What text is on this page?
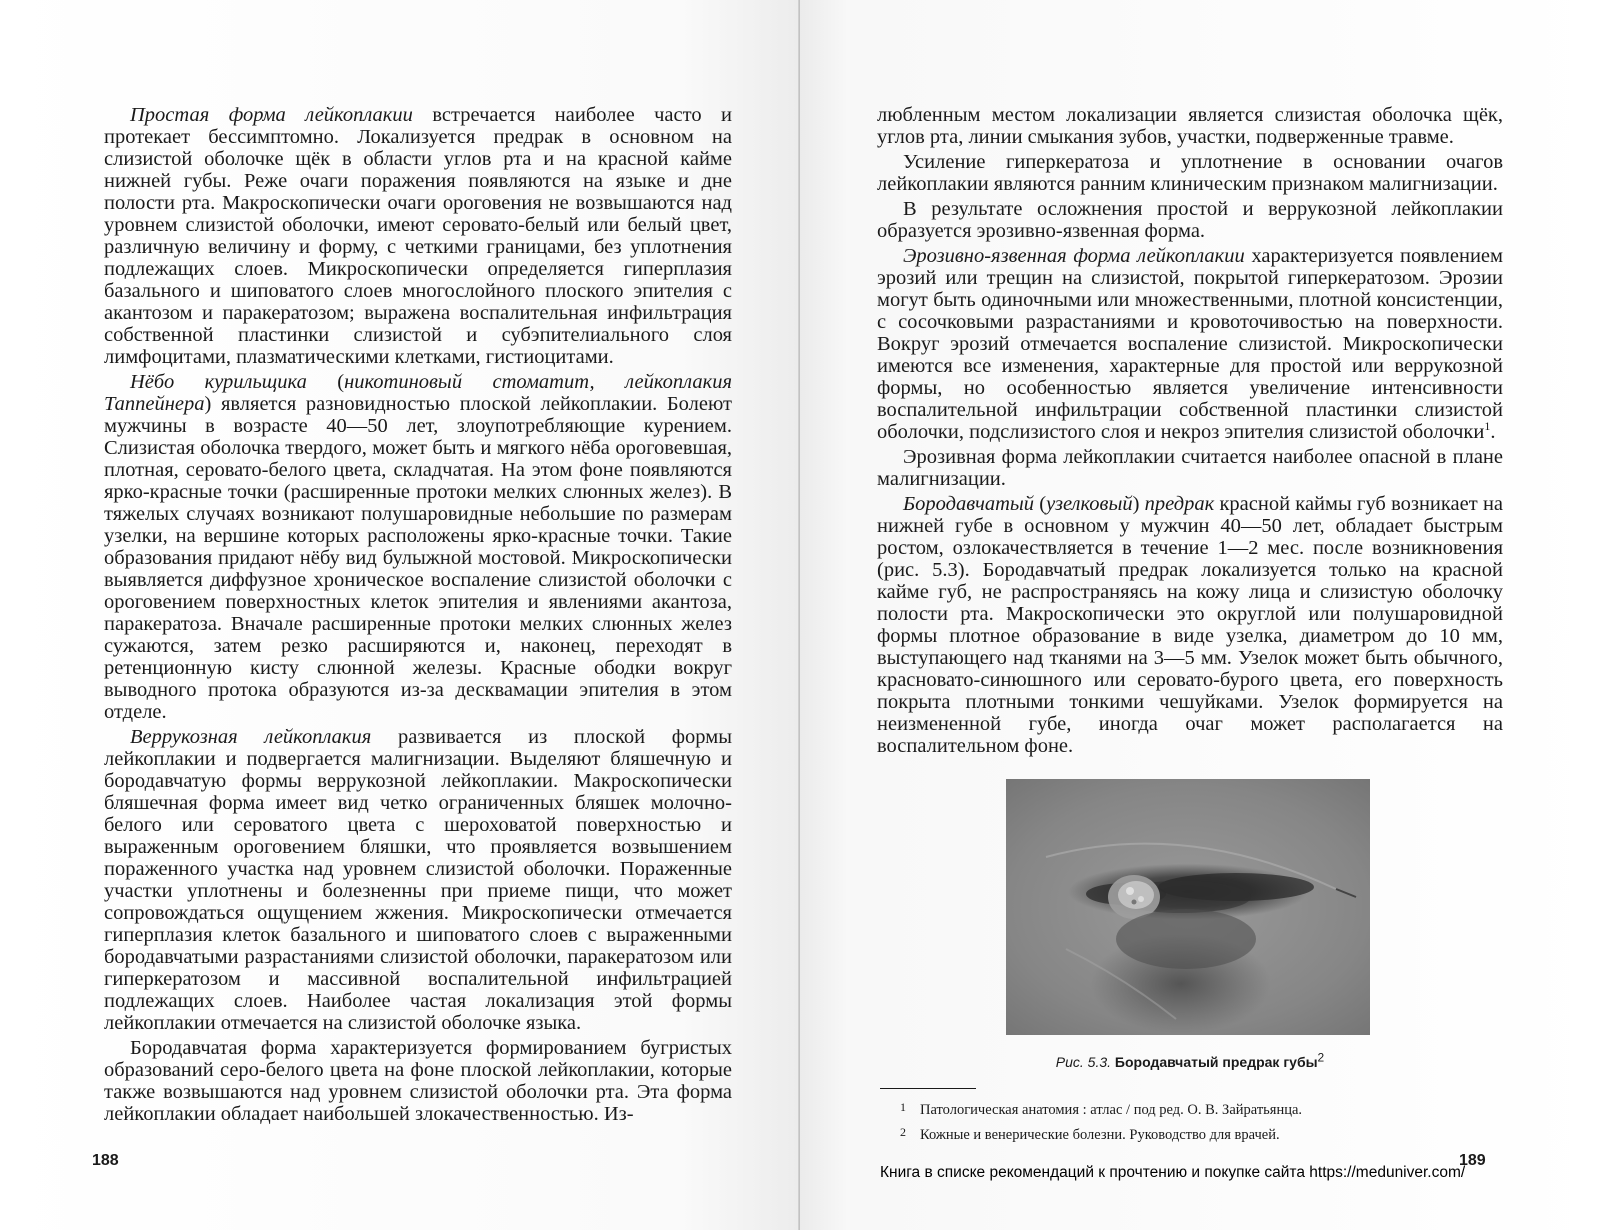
Простая форма лейкоплакии встречается наиболее часто и протекает бессимптомно. Локализуется предрак в основном на слизистой оболочке щёк в области углов рта и на красной кайме нижней губы. Реже очаги поражения появляются на языке и дне полости рта. Макроскопически очаги ороговения не возвышаются над уровнем слизистой оболочки, имеют серовато-белый или белый цвет, различную величину и форму, с четкими границами, без уплотнения подлежащих слоев. Микроскопически определяется гиперплазия базального и шиповатого слоев многослойного плоского эпителия с акантозом и паракератозом; выражена воспалительная инфильтрация собственной пластинки слизистой и субэпителиального слоя лимфоцитами, плазматическими клетками, гистиоцитами.

Нёбо курильщика (никотиновый стоматит, лейкоплакия Таппейнера) является разновидностью плоской лейкоплакии. Болеют мужчины в возрасте 40—50 лет, злоупотребляющие курением. Слизистая оболочка твердого, может быть и мягкого нёба ороговевшая, плотная, серовато-белого цвета, складчатая. На этом фоне появляются ярко-красные точки (расширенные протоки мелких слюнных желез). В тяжелых случаях возникают полушаровидные небольшие по размерам узелки, на вершине которых расположены ярко-красные точки. Такие образования придают нёбу вид булыжной мостовой. Микроскопически выявляется диффузное хроническое воспаление слизистой оболочки с ороговением поверхностных клеток эпителия и явлениями акантоза, паракератоза. Вначале расширенные протоки мелких слюнных желез сужаются, затем резко расширяются и, наконец, переходят в ретенционную кисту слюнной железы. Красные ободки вокруг выводного протока образуются из-за десквамации эпителия в этом отделе.

Веррукозная лейкоплакия развивается из плоской формы лейкоплакии и подвергается малигнизации. Выделяют бляшечную и бородавчатую формы веррукозной лейкоплакии. Макроскопически бляшечная форма имеет вид четко ограниченных бляшек молочно-белого или сероватого цвета с шероховатой поверхностью и выраженным ороговением бляшки, что проявляется возвышением пораженного участка над уровнем слизистой оболочки. Пораженные участки уплотнены и болезненны при приеме пищи, что может сопровождаться ощущением жжения. Микроскопически отмечается гиперплазия клеток базального и шиповатого слоев с выраженными бородавчатыми разрастаниями слизистой оболочки, паракератозом или гиперкератозом и массивной воспалительной инфильтрацией подлежащих слоев. Наиболее частая локализация этой формы лейкоплакии отмечается на слизистой оболочке языка.

Бородавчатая форма характеризуется формированием бугристых образований серо-белого цвета на фоне плоской лейкоплакии, которые также возвышаются над уровнем слизистой оболочки рта. Эта форма лейкоплакии обладает наибольшей злокачественностью. Из-

188

любленным местом локализации является слизистая оболочка щёк, углов рта, линии смыкания зубов, участки, подверженные травме.

Усиление гиперкератоза и уплотнение в основании очагов лейкоплакии являются ранним клиническим признаком малигнизации.

В результате осложнения простой и веррукозной лейкоплакии образуется эрозивно-язвенная форма.

Эрозивно-язвенная форма лейкоплакии характеризуется появлением эрозий или трещин на слизистой, покрытой гиперкератозом. Эрозии могут быть одиночными или множественными, плотной консистенции, с сосочковыми разрастаниями и кровоточивостью на поверхности. Вокруг эрозий отмечается воспаление слизистой. Микроскопически имеются все изменения, характерные для простой или веррукозной формы, но особенностью является увеличение интенсивности воспалительной инфильтрации собственной пластинки слизистой оболочки, подслизистого слоя и некроз эпителия слизистой оболочки$^1$.

Эрозивная форма лейкоплакии считается наиболее опасной в плане малигнизации.

Бородавчатый (узелковый) предрак красной каймы губ возникает на нижней губе в основном у мужчин 40—50 лет, обладает быстрым ростом, озлокачествляется в течение 1—2 мес. после возникновения (рис. 5.3). Бородавчатый предрак локализуется только на красной кайме губ, не распространяясь на кожу лица и слизистую оболочку полости рта. Макроскопически это округлой или полушаровидной формы плотное образование в виде узелка, диаметром до 10 мм, выступающего над тканями на 3—5 мм. Узелок может быть обычного, красновато-синюшного или серовато-бурого цвета, его поверхность покрыта плотными тонкими чешуйками. Узелок формируется на неизмененной губе, иногда очаг может располагается на воспалительном фоне.

Рис. 5.3. Бородавчатый предрак губы$^2$
1 Патологическая анатомия : атлас / под ред. О. В. Зайратьянца.
2 Кожные и венерические болезни. Руководство для врачей.
189
Книга в списке рекомендаций к прочтению и покупке сайта https://meduniver.com/
